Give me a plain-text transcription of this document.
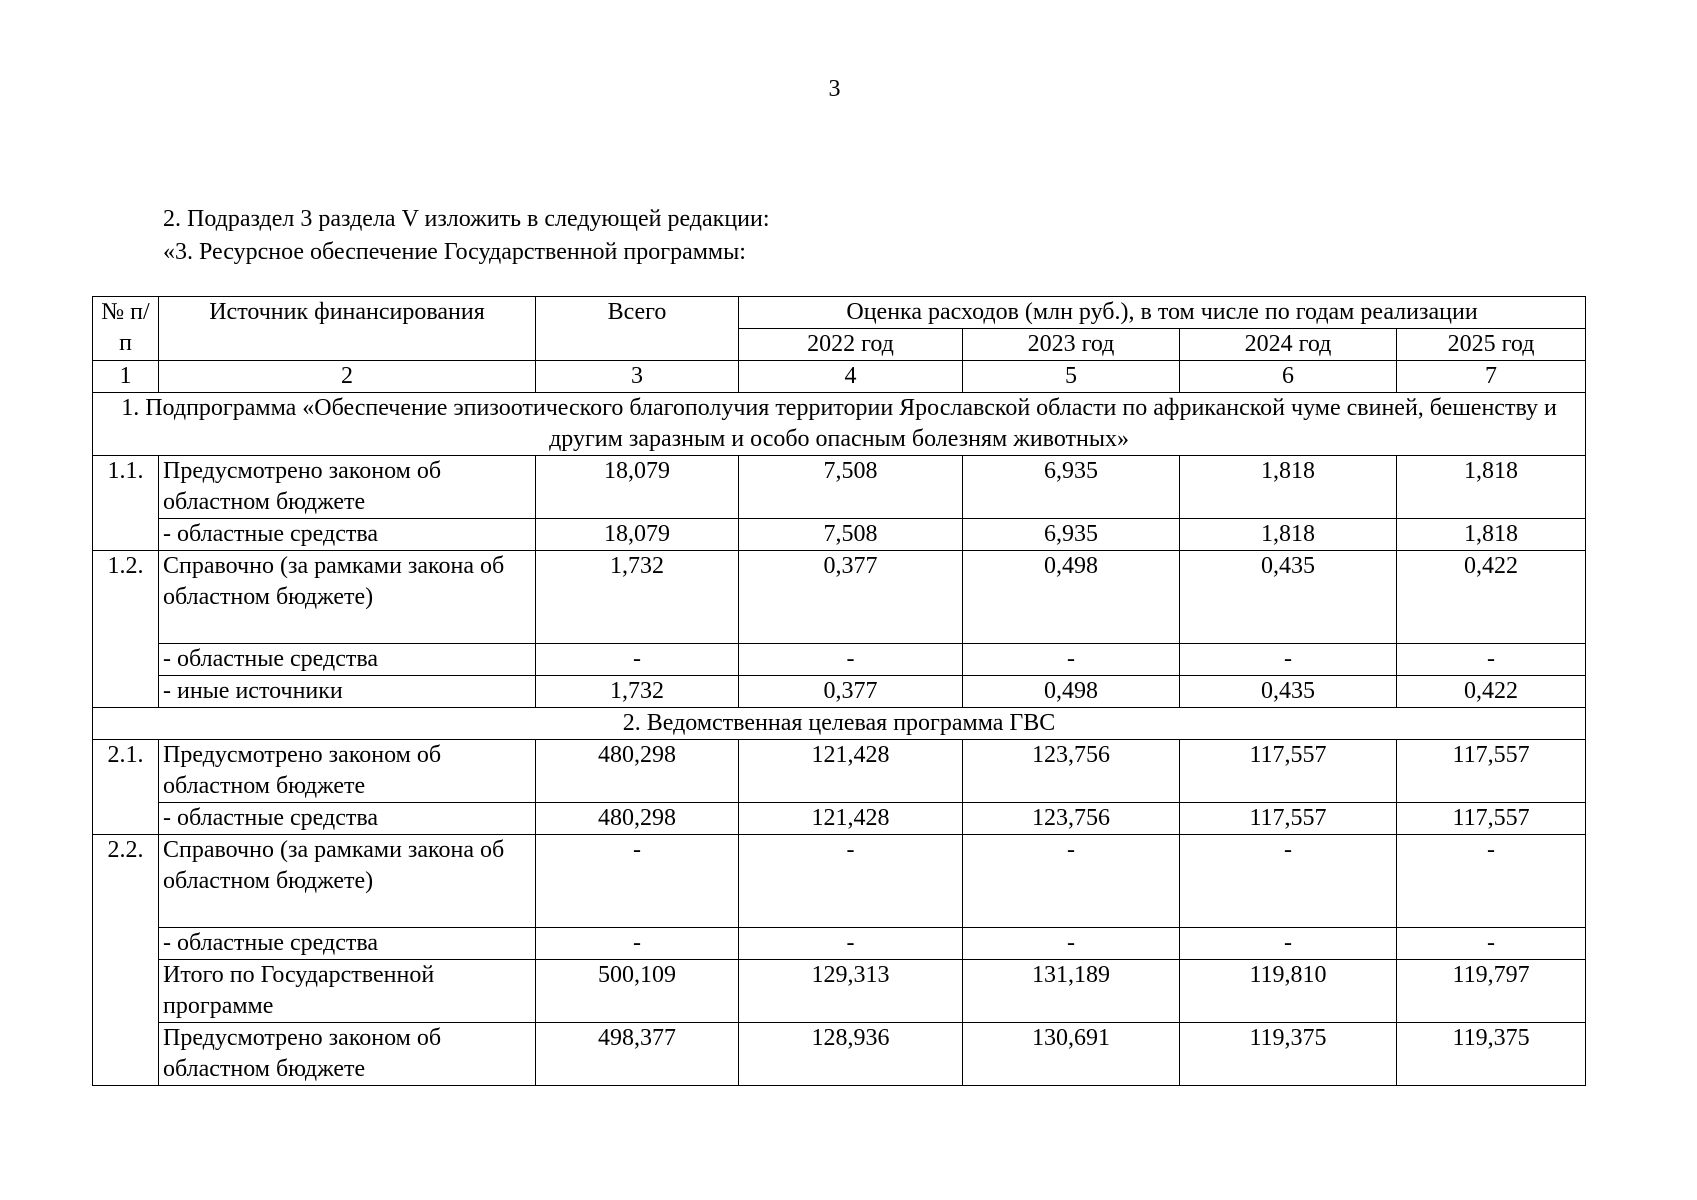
3

2. Подраздел 3 раздела V изложить в следующей редакции:

«3. Ресурсное обеспечение Государственной программы:

№ п/п	Источник финансирования	Всего	Оценка расходов (млн руб.), в том числе по годам реализации			
			2022 год	2023 год	2024 год	2025 год
1	2	3	4	5	6	7
1. Подпрограмма «Обеспечение эпизоотического благополучия территории Ярославской области по африканской чуме свиней, бешенству и другим заразным и особо опасным болезням животных»						
1.1.	Предусмотрено законом об областном бюджете	18,079	7,508	6,935	1,818	1,818
	- областные средства	18,079	7,508	6,935	1,818	1,818
1.2.	Справочно (за рамками закона об областном бюджете)	1,732	0,377	0,498	0,435	0,422
	- областные средства	-	-	-	-	-
	- иные источники	1,732	0,377	0,498	0,435	0,422
2. Ведомственная целевая программа ГВС						
2.1.	Предусмотрено законом об областном бюджете	480,298	121,428	123,756	117,557	117,557
	- областные средства	480,298	121,428	123,756	117,557	117,557
2.2.	Справочно (за рамками закона об областном бюджете)	-	-	-	-	-
	- областные средства	-	-	-	-	-
	Итого по Государственной программе	500,109	129,313	131,189	119,810	119,797
	Предусмотрено законом об областном бюджете	498,377	128,936	130,691	119,375	119,375
